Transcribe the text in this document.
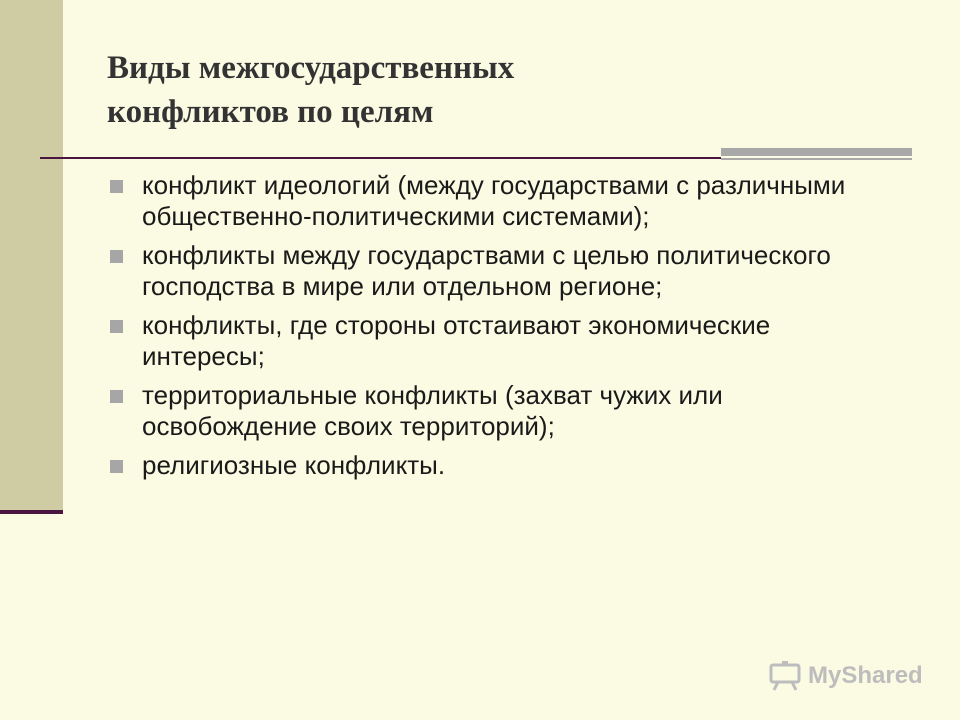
Виды межгосударственных
конфликтов по целям
конфликт идеологий (между государствами с различными общественно-политическими системами);
конфликты между государствами с целью политического господства в мире или отдельном регионе;
конфликты, где стороны отстаивают экономические интересы;
территориальные конфликты (захват чужих или освобождение своих территорий);
религиозные конфликты.
MyShared
